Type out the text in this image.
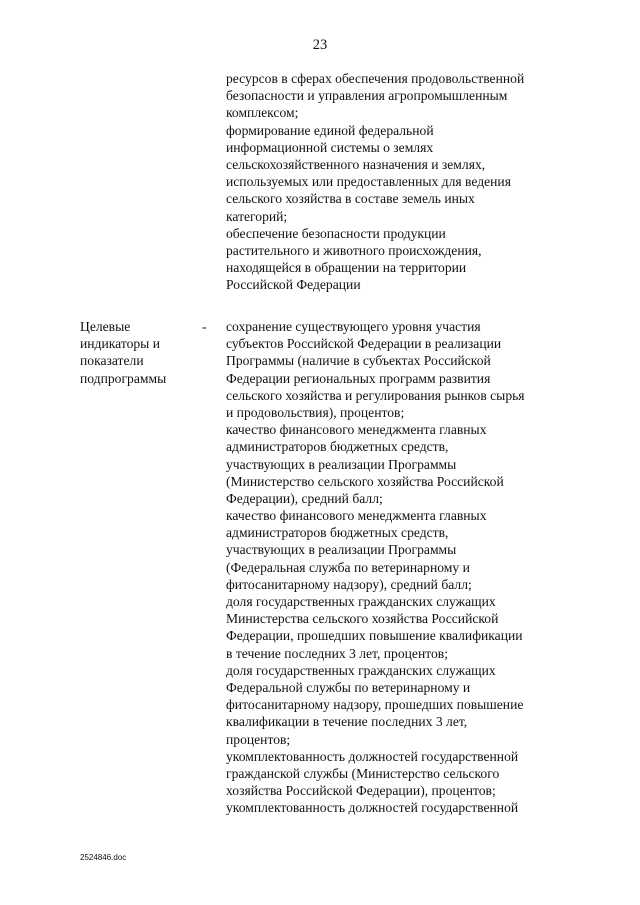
23
ресурсов в сферах обеспечения продовольственной
безопасности и управления агропромышленным
комплексом;
формирование единой федеральной
информационной системы о землях
сельскохозяйственного назначения и землях,
используемых или предоставленных для ведения
сельского хозяйства в составе земель иных
категорий;
обеспечение безопасности продукции
растительного и животного происхождения,
находящейся в обращении на территории
Российской Федерации
Целевые
индикаторы и
показатели
подпрограммы
- сохранение существующего уровня участия
субъектов Российской Федерации в реализации
Программы (наличие в субъектах Российской
Федерации региональных программ развития
сельского хозяйства и регулирования рынков сырья
и продовольствия), процентов;
качество финансового менеджмента главных
администраторов бюджетных средств,
участвующих в реализации Программы
(Министерство сельского хозяйства Российской
Федерации), средний балл;
качество финансового менеджмента главных
администраторов бюджетных средств,
участвующих в реализации Программы
(Федеральная служба по ветеринарному и
фитосанитарному надзору), средний балл;
доля государственных гражданских служащих
Министерства сельского хозяйства Российской
Федерации, прошедших повышение квалификации
в течение последних 3 лет, процентов;
доля государственных гражданских служащих
Федеральной службы по ветеринарному и
фитосанитарному надзору, прошедших повышение
квалификации в течение последних 3 лет,
процентов;
укомплектованность должностей государственной
гражданской службы (Министерство сельского
хозяйства Российской Федерации), процентов;
укомплектованность должностей государственной
2524846.doc
